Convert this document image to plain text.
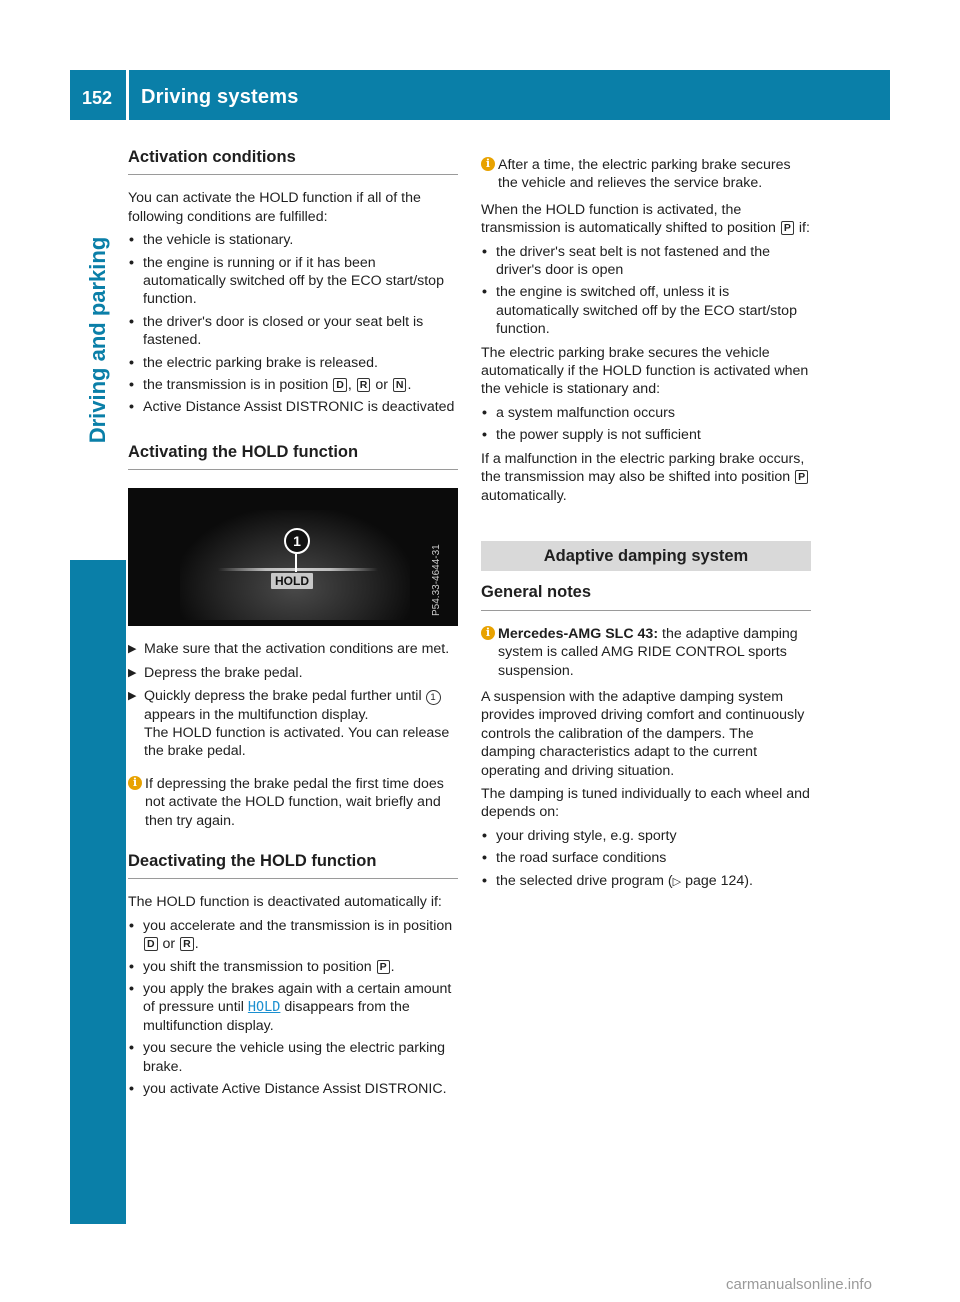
152 Driving systems
Driving and parking
Activation conditions

You can activate the HOLD function if all of the following conditions are fulfilled:

• the vehicle is stationary.
• the engine is running or if it has been automatically switched off by the ECO start/stop function.
• the driver's door is closed or your seat belt is fastened.
• the electric parking brake is released.
• the transmission is in position D , R or N .
• Active Distance Assist DISTRONIC is deactivated
Activating the HOLD function
1
HOLD	P54.33-4644-31
▶ Make sure that the activation conditions are met.
▶ Depress the brake pedal.
▶ Quickly depress the brake pedal further until 1 appears in the multifunction display.
The HOLD function is activated. You can release the brake pedal.
i If depressing the brake pedal the first time does not activate the HOLD function, wait briefly and then try again.
Deactivating the HOLD function

The HOLD function is deactivated automatically if:

• you accelerate and the transmission is in position D or R .
• you shift the transmission to position P .
• you apply the brakes again with a certain amount of pressure until HOLD disappears from the multifunction display.
• you secure the vehicle using the electric parking brake.
• you activate Active Distance Assist DISTRONIC.
i After a time, the electric parking brake secures the vehicle and relieves the service brake.

When the HOLD function is activated, the transmission is automatically shifted to position P if:

• the driver's seat belt is not fastened and the driver's door is open
• the engine is switched off, unless it is automatically switched off by the ECO start/stop function.

The electric parking brake secures the vehicle automatically if the HOLD function is activated when the vehicle is stationary and:

• a system malfunction occurs
• the power supply is not sufficient

If a malfunction in the electric parking brake occurs, the transmission may also be shifted into position P automatically.

Adaptive damping system
General notes
i Mercedes-AMG SLC 43: the adaptive damping system is called AMG RIDE CONTROL sports suspension.

A suspension with the adaptive damping system provides improved driving comfort and continuously controls the calibration of the dampers. The damping characteristics adapt to the current operating and driving situation.

The damping is tuned individually to each wheel and depends on:

• your driving style, e.g. sporty
• the road surface conditions
• the selected drive program (▷ page 124).
carmanualsonline.info
